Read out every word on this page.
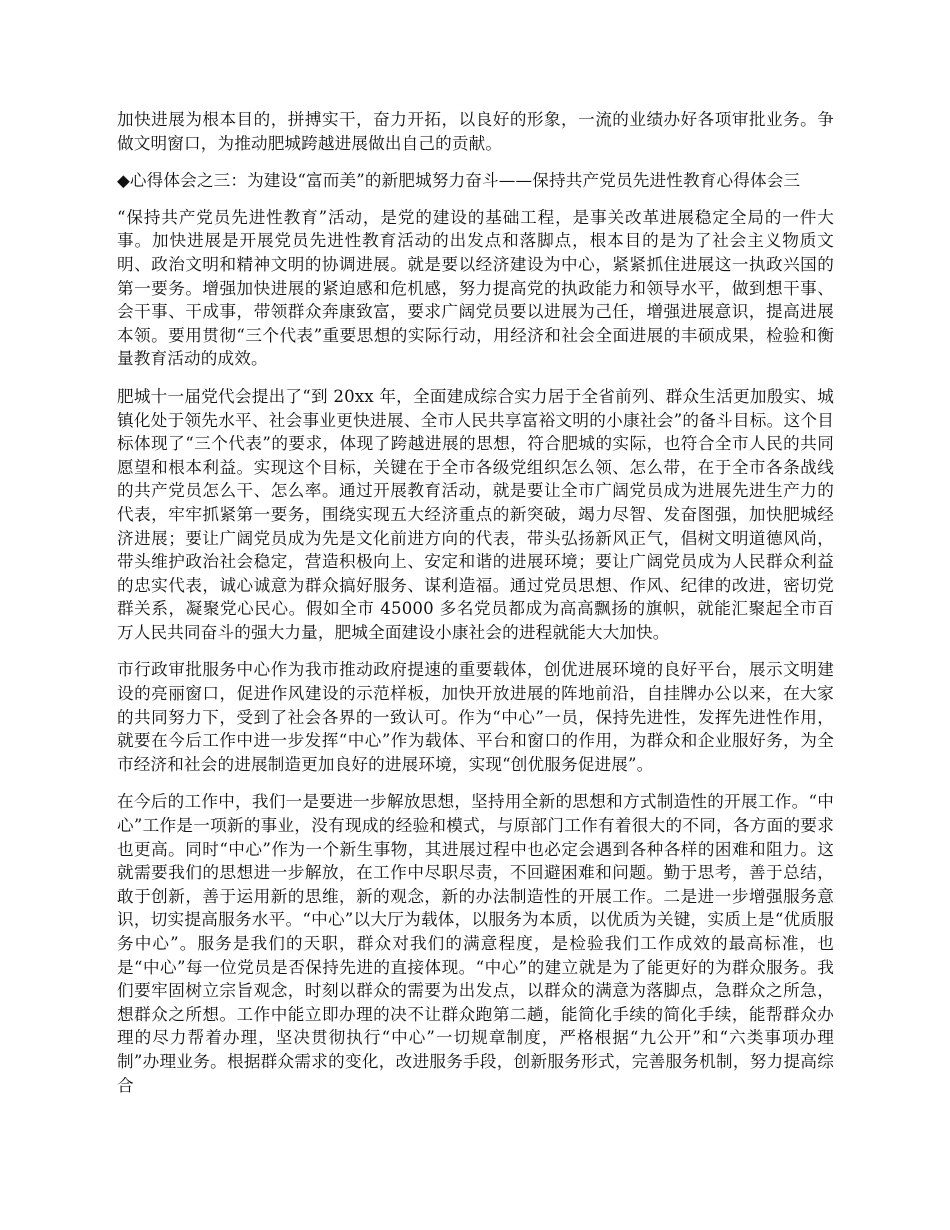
加快进展为根本目的，拼搏实干，奋力开拓，以良好的形象，一流的业绩办好各项审批业务。争做文明窗口，为推动肥城跨越进展做出自己的贡献。

◆心得体会之三：为建设“富而美”的新肥城努力奋斗——保持共产党员先进性教育心得体会三

“保持共产党员先进性教育”活动，是党的建设的基础工程，是事关改革进展稳定全局的一件大事。加快进展是开展党员先进性教育活动的出发点和落脚点，根本目的是为了社会主义物质文明、政治文明和精神文明的协调进展。就是要以经济建设为中心，紧紧抓住进展这一执政兴国的第一要务。增强加快进展的紧迫感和危机感，努力提高党的执政能力和领导水平，做到想干事、会干事、干成事，带领群众奔康致富，要求广阔党员要以进展为己任，增强进展意识，提高进展本领。要用贯彻“三个代表”重要思想的实际行动，用经济和社会全面进展的丰硕成果，检验和衡量教育活动的成效。

肥城十一届党代会提出了“到 20xx 年，全面建成综合实力居于全省前列、群众生活更加殷实、城镇化处于领先水平、社会事业更快进展、全市人民共享富裕文明的小康社会”的备斗目标。这个目标体现了“三个代表”的要求，体现了跨越进展的思想，符合肥城的实际，也符合全市人民的共同愿望和根本利益。实现这个目标，关键在于全市各级党组织怎么领、怎么带，在于全市各条战线的共产党员怎么干、怎么率。通过开展教育活动，就是要让全市广阔党员成为进展先进生产力的代表，牢牢抓紧第一要务，围绕实现五大经济重点的新突破，竭力尽智、发奋图强，加快肥城经济进展；要让广阔党员成为先是文化前进方向的代表，带头弘扬新风正气，倡树文明道德风尚，带头维护政治社会稳定，营造积极向上、安定和谐的进展环境；要让广阔党员成为人民群众利益的忠实代表，诚心诚意为群众搞好服务、谋利造福。通过党员思想、作风、纪律的改进，密切党群关系，凝聚党心民心。假如全市 45000 多名党员都成为高高飘扬的旗帜，就能汇聚起全市百万人民共同奋斗的强大力量，肥城全面建设小康社会的进程就能大大加快。

市行政审批服务中心作为我市推动政府提速的重要载体，创优进展环境的良好平台，展示文明建设的亮丽窗口，促进作风建设的示范样板，加快开放进展的阵地前沿，自挂牌办公以来，在大家的共同努力下，受到了社会各界的一致认可。作为“中心”一员，保持先进性，发挥先进性作用，就要在今后工作中进一步发挥“中心”作为载体、平台和窗口的作用，为群众和企业服好务，为全市经济和社会的进展制造更加良好的进展环境，实现“创优服务促进展”。

在今后的工作中，我们一是要进一步解放思想，坚持用全新的思想和方式制造性的开展工作。“中心”工作是一项新的事业，没有现成的经验和模式，与原部门工作有着很大的不同，各方面的要求也更高。同时“中心”作为一个新生事物，其进展过程中也必定会遇到各种各样的困难和阻力。这就需要我们的思想进一步解放，在工作中尽职尽责，不回避困难和问题。勤于思考，善于总结，敢于创新，善于运用新的思维，新的观念，新的办法制造性的开展工作。二是进一步增强服务意识，切实提高服务水平。“中心”以大厅为载体，以服务为本质，以优质为关键，实质上是“优质服务中心”。服务是我们的天职，群众对我们的满意程度，是检验我们工作成效的最高标准，也是“中心”每一位党员是否保持先进的直接体现。“中心”的建立就是为了能更好的为群众服务。我们要牢固树立宗旨观念，时刻以群众的需要为出发点，以群众的满意为落脚点，急群众之所急，想群众之所想。工作中能立即办理的决不让群众跑第二趟，能简化手续的简化手续，能帮群众办理的尽力帮着办理，坚决贯彻执行“中心”一切规章制度，严格根据“九公开”和“六类事项办理制”办理业务。根据群众需求的变化，改进服务手段，创新服务形式，完善服务机制，努力提高综合
